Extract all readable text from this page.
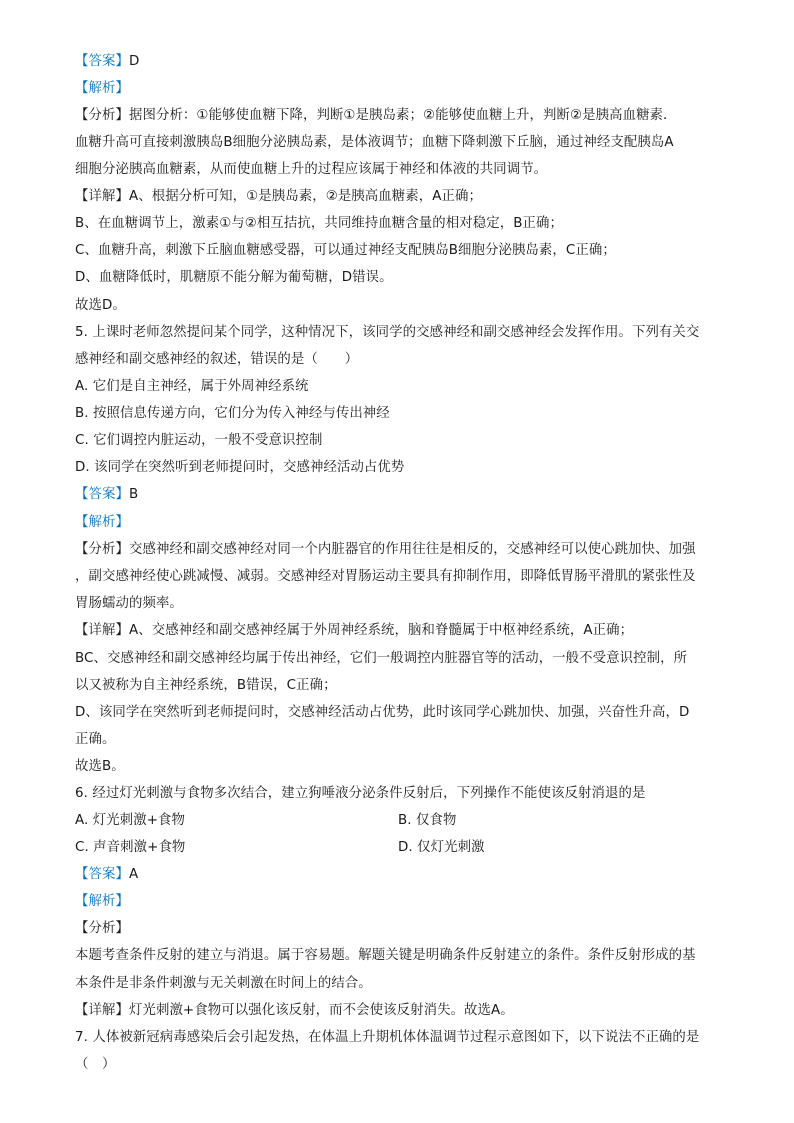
【答案】D
【解析】
【分析】据图分析：①能够使血糖下降，判断①是胰岛素；②能够使血糖上升，判断②是胰高血糖素．
血糖升高可直接刺激胰岛B细胞分泌胰岛素，是体液调节；血糖下降刺激下丘脑，通过神经支配胰岛A
细胞分泌胰高血糖素，从而使血糖上升的过程应该属于神经和体液的共同调节。
【详解】A、根据分析可知，①是胰岛素，②是胰高血糖素，A正确；
B、在血糖调节上，激素①与②相互拮抗，共同维持血糖含量的相对稳定，B正确；
C、血糖升高，刺激下丘脑血糖感受器，可以通过神经支配胰岛B细胞分泌胰岛素，C正确；
D、血糖降低时，肌糖原不能分解为葡萄糖，D错误。
故选D。
5. 上课时老师忽然提问某个同学，这种情况下，该同学的交感神经和副交感神经会发挥作用。下列有关交
感神经和副交感神经的叙述，错误的是（　　）
A. 它们是自主神经，属于外周神经系统
B. 按照信息传递方向，它们分为传入神经与传出神经
C. 它们调控内脏运动，一般不受意识控制
D. 该同学在突然听到老师提问时，交感神经活动占优势
【答案】B
【解析】
【分析】交感神经和副交感神经对同一个内脏器官的作用往往是相反的，交感神经可以使心跳加快、加强
，副交感神经使心跳减慢、减弱。交感神经对胃肠运动主要具有抑制作用，即降低胃肠平滑肌的紧张性及
胃肠蠕动的频率。
【详解】A、交感神经和副交感神经属于外周神经系统，脑和脊髓属于中枢神经系统，A正确；
BC、交感神经和副交感神经均属于传出神经，它们一般调控内脏器官等的活动，一般不受意识控制，所
以又被称为自主神经系统，B错误，C正确；
D、该同学在突然听到老师提问时，交感神经活动占优势，此时该同学心跳加快、加强，兴奋性升高，D
正确。
故选B。
6. 经过灯光刺激与食物多次结合，建立狗唾液分泌条件反射后，下列操作不能使该反射消退的是
A. 灯光刺激+食物	B. 仅食物
C. 声音刺激+食物	D. 仅灯光刺激
【答案】A
【解析】
【分析】
本题考查条件反射的建立与消退。属于容易题。解题关键是明确条件反射建立的条件。条件反射形成的基
本条件是非条件刺激与无关刺激在时间上的结合。
【详解】灯光刺激+食物可以强化该反射，而不会使该反射消失。故选A。
7. 人体被新冠病毒感染后会引起发热，在体温上升期机体体温调节过程示意图如下，以下说法不正确的是
（　）
